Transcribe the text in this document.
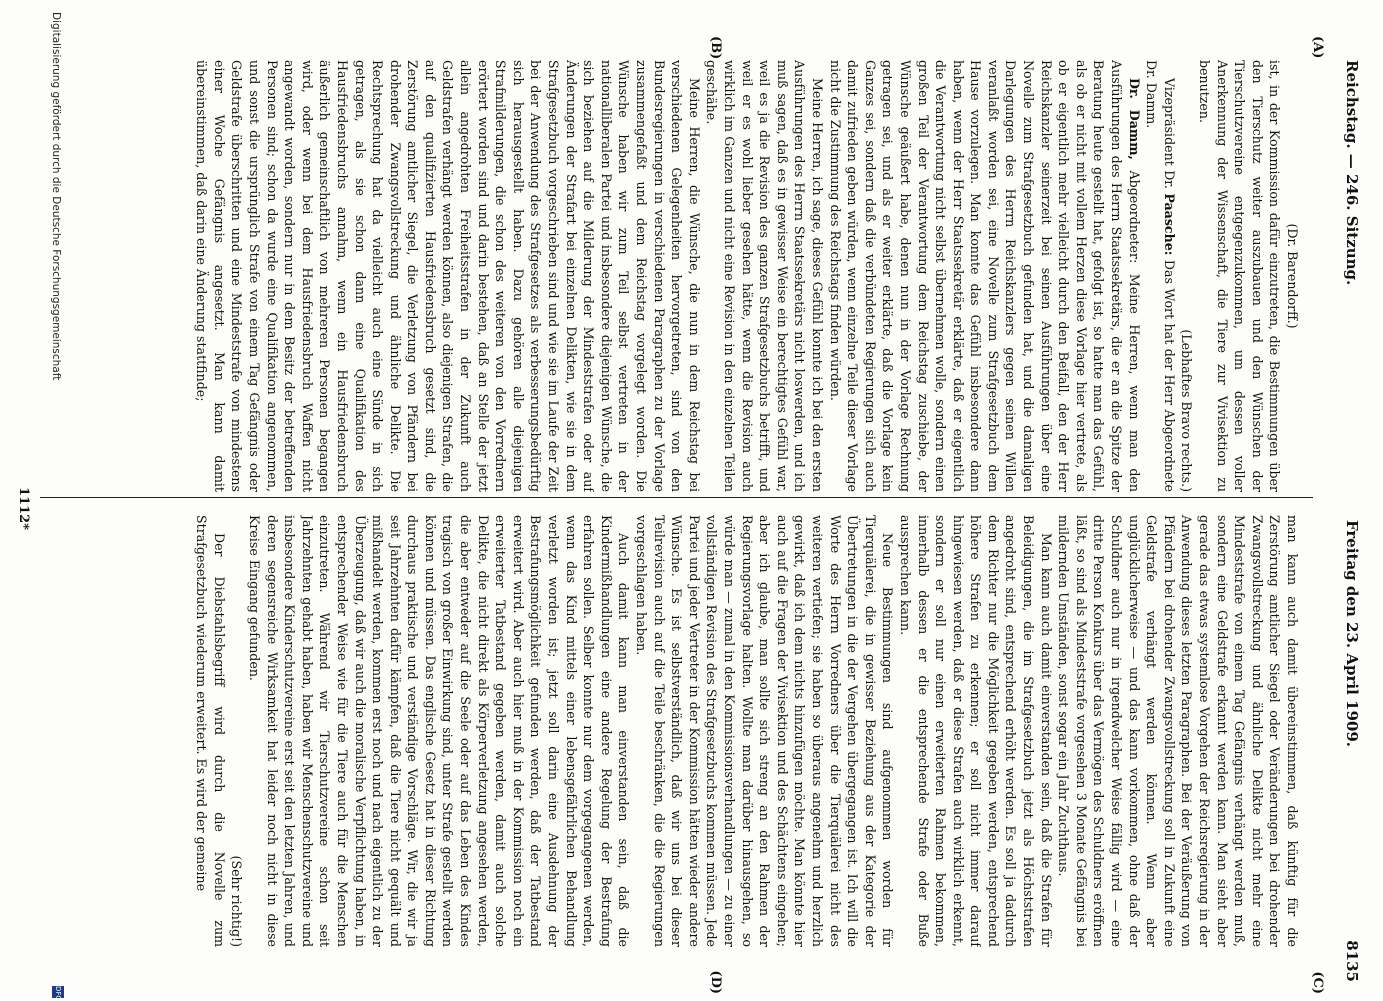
Reichstag. — 246. Sitzung.
Freitag den 23. April 1909.
8135
(A)
(B)
(C)
(D)

(Dr. Barendorff.)

ist, in der Kommission dafür einzutreten, die Bestimmungen über den Tierschutz weiter auszubauen und den Wünschen der Tierschutzvereine entgegenzukommen, um dessen voller Anerkennung der Wissenschaft, die Tiere zur Vivisektion zu benutzen.

(Lebhaftes Bravo rechts.)

Vizepräsident Dr. Paasche: Das Wort hat der Herr Abgeordnete Dr. Damm.

Dr. Damm, Abgeordneter: Meine Herren, wenn man den Ausführungen des Herrn Staatssekretärs, die er an die Spitze der Beratung heute gestellt hat, gefolgt ist, so hatte man das Gefühl, als ob er nicht mit vollem Herzen diese Vorlage hier vertrete, als ob er eigentlich mehr vielleicht durch den Beifall, den der Herr Reichskanzler seinerzeit bei seinen Ausführungen über eine Novelle zum Strafgesetzbuch gefunden hat, und die damaligen Darlegungen des Herrn Reichskanzlers gegen seinen Willen veranlaßt worden sei, eine Novelle zum Strafgesetzbuch dem Hause vorzulegen. Man konnte das Gefühl insbesondere dann haben, wenn der Herr Staatssekretär erklärte, daß er eigentlich die Verantwortung nicht selbst übernehmen wolle, sondern einen großen Teil der Verantwortung dem Reichstag zuschiebe, der Wünsche geäußert habe, denen nun in der Vorlage Rechnung getragen sei, und als er weiter erklärte, daß die Vorlage kein Ganzes sei, sondern daß die verbündeten Regierungen sich auch damit zufrieden geben würden, wenn einzelne Teile dieser Vorlage nicht die Zustimmung des Reichstags finden würden.

Meine Herren, ich sage, dieses Gefühl konnte ich bei den ersten Ausführungen des Herrn Staatssekretärs nicht loswerden, und ich muß sagen, daß es in gewisser Weise ein berechtigtes Gefühl war, weil es ja die Revision des ganzen Strafgesetzbuchs betrifft, und weil er es wohl lieber gesehen hätte, wenn die Revision auch wirklich im Ganzen und nicht eine Revision in den einzelnen Teilen geschähe.

Meine Herren, die Wünsche, die nun in dem Reichstag bei verschiedenen Gelegenheiten hervorgetreten, sind von den Bundesregierungen in verschiedenen Paragraphen zu der Vorlage zusammengefaßt und dem Reichstag vorgelegt worden. Die Wünsche haben wir zum Teil selbst vertreten in der nationalliberalen Partei und insbesondere diejenigen Wünsche, die sich beziehen auf die Milderung der Mindeststrafen oder auf Änderungen der Strafart bei einzelnen Delikten, wie sie in dem Strafgesetzbuch vorgeschrieben sind und wie sie im Laufe der Zeit bei der Anwendung des Strafgesetzes als verbesserungsbedürftig sich herausgestellt haben. Dazu gehören alle diejenigen Strafmilderungen, die schon des weiteren von den Vorrednern erörtert worden sind und darin bestehen, daß an Stelle der jetzt allein angedrohten Freiheitsstrafen in der Zukunft auch Geldstrafen verhängt werden können, also diejenigen Strafen, die auf den qualifizierten Hausfriedensbruch gesetzt sind, die Zerstörung amtlicher Siegel, die Verletzung von Pfändern bei drohender Zwangsvollstreckung und ähnliche Delikte. Die Rechtsprechung hat da vielleicht auch eine Sünde in sich getragen, als sie schon dann eine Qualifikation des Hausfriedensbruchs annahm, wenn ein Hausfriedensbruch äußerlich gemeinschaftlich von mehreren Personen begangen wird, oder wenn bei dem Hausfriedensbruch Waffen nicht angewandt worden, sondern nur in dem Besitz der betreffenden Personen sind; schon da wurde eine Qualifikation angenommen, und sonst die ursprünglich Strafe von einem Tag Gefängnis oder Geldstrafe überschritten und eine Mindeststrafe von mindestens einer Woche Gefängnis angesetzt. Man kann damit übereinstimmen, daß darin eine Änderung stattfinde;

man kann auch damit übereinstimmen, daß künftig für die Zerstörung amtlicher Siegel oder Veränderungen bei drohender Zwangsvollstreckung und ähnliche Delikte nicht mehr eine Mindeststrafe von einem Tag Gefängnis verhängt werden muß, sondern eine Geldstrafe erkannt werden kann. Man sieht aber gerade das etwas systemlose Vorgehen der Reichsregierung in der Anwendung dieses letzten Paragraphen. Bei der Veräußerung von Pfändern bei drohender Zwangsvollstreckung soll in Zukunft eine Geldstrafe verhängt werden können. Wenn aber unglücklicherweise — und das kann vorkommen, ohne daß der Schuldner auch nur in irgendwelcher Weise fällig wird — eine dritte Person Konkurs über das Vermögen des Schuldners eröffnen läßt, so sind als Mindeststrafe vorgesehen 3 Monate Gefängnis bei mildernden Umständen, sonst sogar ein Jahr Zuchthaus.

Man kann auch damit einverstanden sein, daß die Strafen für Beleidigungen, die im Strafgesetzbuch jetzt als Höchststrafen angedroht sind, entsprechend erhöht werden. Es soll ja dadurch dem Richter nur die Möglichkeit gegeben werden, entsprechend höhere Strafen zu erkennen; er soll nicht immer darauf hingewiesen werden, daß er diese Strafen auch wirklich erkennt, sondern er soll nur einen erweiterten Rahmen bekommen, innerhalb dessen er die entsprechende Strafe oder Buße aussprechen kann.

Neue Bestimmungen sind aufgenommen worden für Tierquälerei, die in gewisser Beziehung aus der Kategorie der Übertretungen in die der Vergehen übergegangen ist. Ich will die Worte des Herrn Vorredners über die Tierquälerei nicht des weiteren vertiefen; sie haben so überaus angenehm und herzlich gewirkt, daß ich dem nichts hinzufügen möchte. Man könnte hier auch auf die Fragen der Vivisektion und des Schächtens eingehen; aber ich glaube, man sollte sich streng an den Rahmen der Regierungsvorlage halten. Wollte man darüber hinausgehen, so würde man — zumal in den Kommissionsverhandlungen — zu einer vollständigen Revision des Strafgesetzbuchs kommen müssen. Jede Partei und jeder Vertreter in der Kommission hätten wieder andere Wünsche. Es ist selbstverständlich, daß wir uns bei dieser Teilrevision auch auf die Teile beschränken, die die Regierungen vorgeschlagen haben.

Auch damit kann man einverstanden sein, daß die Kindermißhandlungen eine andere Regelung der Bestrafung erfahren sollen. Selber konnte nur dem vorgegangenen werden, wenn das Kind mittels einer lebensgefährlichen Behandlung verletzt worden ist; jetzt soll darin eine Ausdehnung der Bestrafungsmöglichkeit gefunden werden, daß der Tatbestand erweitert wird. Aber auch hier muß in der Kommission noch ein erweiterter Tatbestand gegeben werden, damit auch solche Delikte, die nicht direkt als Körperverletzung angesehen werden, die aber entweder auf die Seele oder auf das Leben des Kindes tragisch von großer Einwirkung sind, unter Strafe gestellt werden können und müssen. Das englische Gesetz hat in dieser Richtung durchaus praktische und verständige Vorschläge. Wir, die wir ja seit Jahrzehnten dafür kämpfen, daß die Tiere nicht gequält und mißhandelt werden, kommen erst noch und nach eigentlich zu der Überzeugung, daß wir auch die moralische Verpflichtung haben, in entsprechender Weise wie für die Tiere auch für die Menschen einzutreten. Während wir Tierschutzvereine schon seit Jahrzehnten gehabt haben, haben wir Menschenschutzvereine und insbesondere Kinderschutzvereine erst seit den letzten Jahren, und deren segensreiche Wirksamkeit hat leider noch nicht in diese Kreise Eingang gefunden.

(Sehr richtig!)

Der Diebstahlsbegriff wird durch die Novelle zum Strafgesetzbuch wiederum erweitert. Es wird der gemeine

1112*
Digitalisierung gefördert durch die Deutsche Forschungsgemeinschaft
DFG
